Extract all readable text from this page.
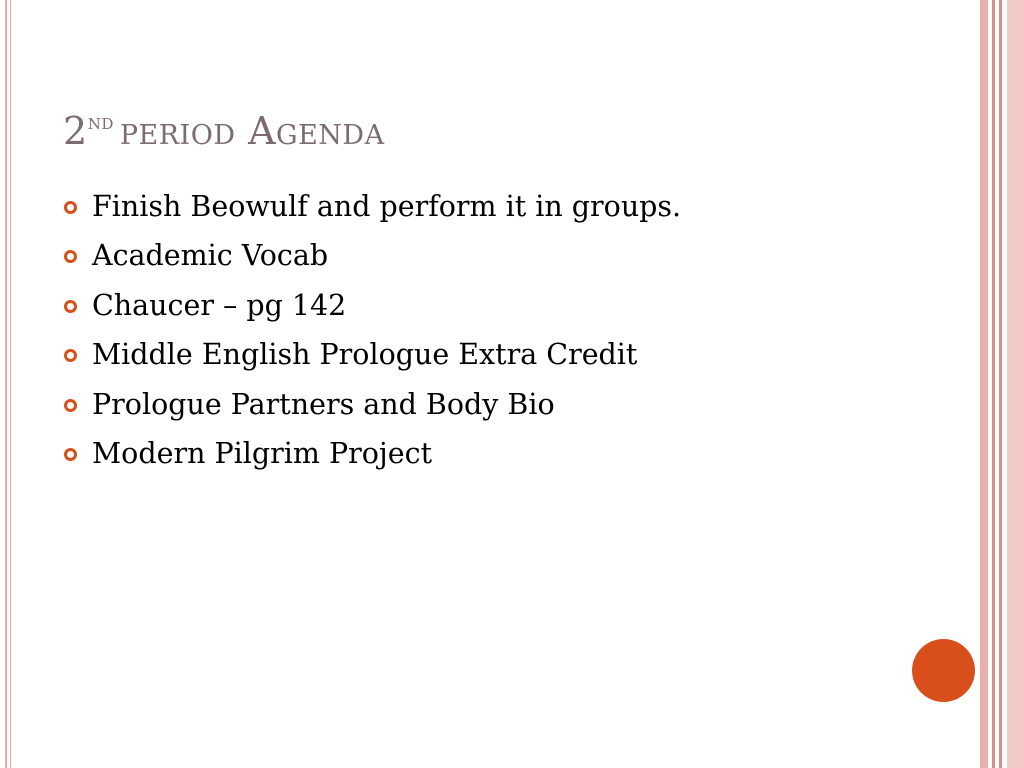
2nd period Agenda
Finish Beowulf and perform it in groups.
Academic Vocab
Chaucer – pg 142
Middle English Prologue Extra Credit
Prologue Partners and Body Bio
Modern Pilgrim Project
